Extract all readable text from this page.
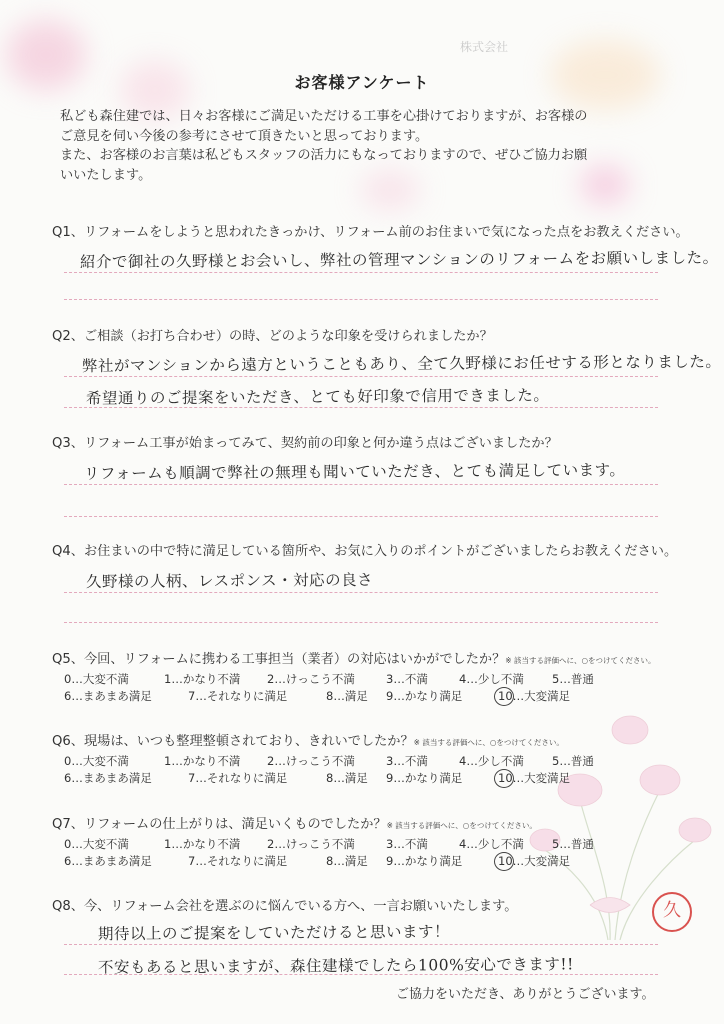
株式会社
お客様アンケート

私ども森住建では、日々お客様にご満足いただける工事を心掛けておりますが、お客様の

ご意見を伺い今後の参考にさせて頂きたいと思っております。

また、お客様のお言葉は私どもスタッフの活力にもなっておりますので、ぜひご協力お願

いいたします。

Q1、リフォームをしようと思われたきっかけ、リフォーム前のお住まいで気になった点をお教えください。
紹介で御社の久野様とお会いし、弊社の管理マンションのリフォームをお願いしました。
Q2、ご相談（お打ち合わせ）の時、どのような印象を受けられましたか？
弊社がマンションから遠方ということもあり、全て久野様にお任せする形となりました。
希望通りのご提案をいただき、とても好印象で信用できました。
Q3、リフォーム工事が始まってみて、契約前の印象と何か違う点はございましたか？
リフォームも順調で弊社の無理も聞いていただき、とても満足しています。
Q4、お住まいの中で特に満足している箇所や、お気に入りのポイントがございましたらお教えください。
久野様の人柄、レスポンス・対応の良さ
Q5、今回、リフォームに携わる工事担当（業者）の対応はいかがでしたか？※ 該当する評価へに、○をつけてください。
0…大変不満	1…かなり不満 2…けっこう不満	3…不満	4…少し不満 5…普通
6…まあまあ満足	7…それなりに満足	8…満足 9…かなり満足	10…大変満足
Q6、現場は、いつも整理整頓されており、きれいでしたか？※ 該当する評価へに、○をつけてください。
0…大変不満	1…かなり不満 2…けっこう不満	3…不満	4…少し不満 5…普通
6…まあまあ満足	7…それなりに満足	8…満足 9…かなり満足	10…大変満足
Q7、リフォームの仕上がりは、満足いくものでしたか？※ 該当する評価へに、○をつけてください。
0…大変不満	1…かなり不満 2…けっこう不満	3…不満	4…少し不満 5…普通
6…まあまあ満足	7…それなりに満足	8…満足 9…かなり満足	10…大変満足
Q8、今、リフォーム会社を選ぶのに悩んでいる方へ、一言お願いいたします。
期待以上のご提案をしていただけると思います！
不安もあると思いますが、森住建様でしたら100%安心できます!!
久
ご協力をいただき、ありがとうございます。
